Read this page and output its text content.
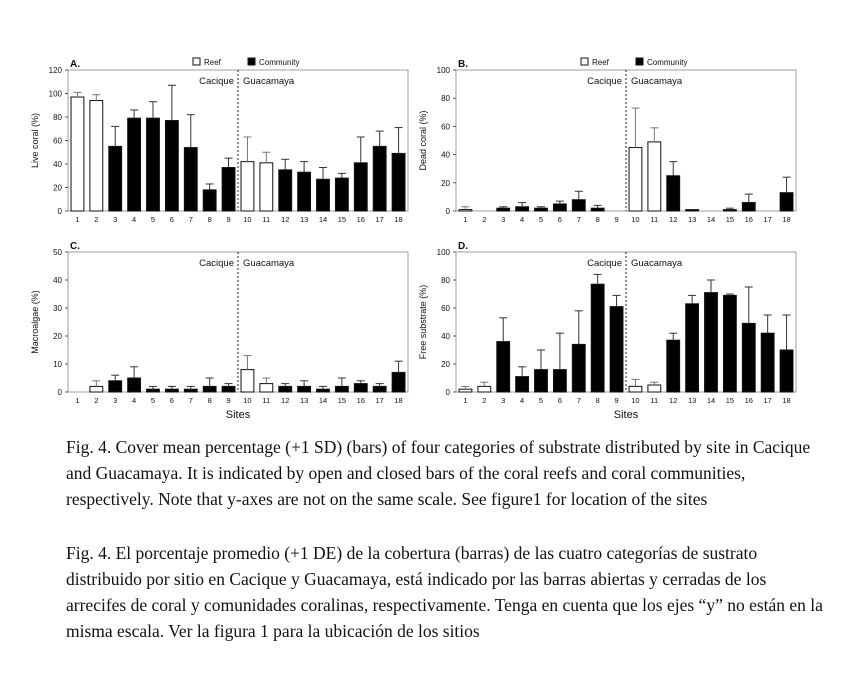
A.
0
20
40
60
80
100
120
Live coral (%)
Cacique Guacamaya
1 2 3 4 5 6 7 8 9 10 11 12 13 14 15 16 17 18
Reef	Community	B.
0
20
40
60
80
100
Dead coral (%)
Cacique Guacamaya
1 2 3 4 5 6 7 8 9 10 11 12 13 14 15 16 17 18
Reef	Community
C.
0
10
20
30
40
50
Macroalgae (%)
Cacique Guacamaya
1 2 3 4 5 6 7 8 9 10 11 12 13 14 15 16 17 18
Sites
D.
0
20
40
60
80
100
Free substrate (%)
Cacique Guacamaya
1 2 3 4 5 6 7 8 9 10 11 12 13 14 15 16 17 18
Sites

Fig. 4. Cover mean percentage (+1 SD) (bars) of four categories of substrate distributed by site in Cacique and Guacamaya. It is indicated by open and closed bars of the coral reefs and coral communities, respectively. Note that y-axes are not on the same scale. See figure1 for location of the sites

Fig. 4. El porcentaje promedio (+1 DE) de la cobertura (barras) de las cuatro categorías de sustrato distribuido por sitio en Cacique y Guacamaya, está indicado por las barras abiertas y cerradas de los arrecifes de coral y comunidades coralinas, respectivamente. Tenga en cuenta que los ejes “y” no están en la misma escala. Ver la figura 1 para la ubicación de los sitios
